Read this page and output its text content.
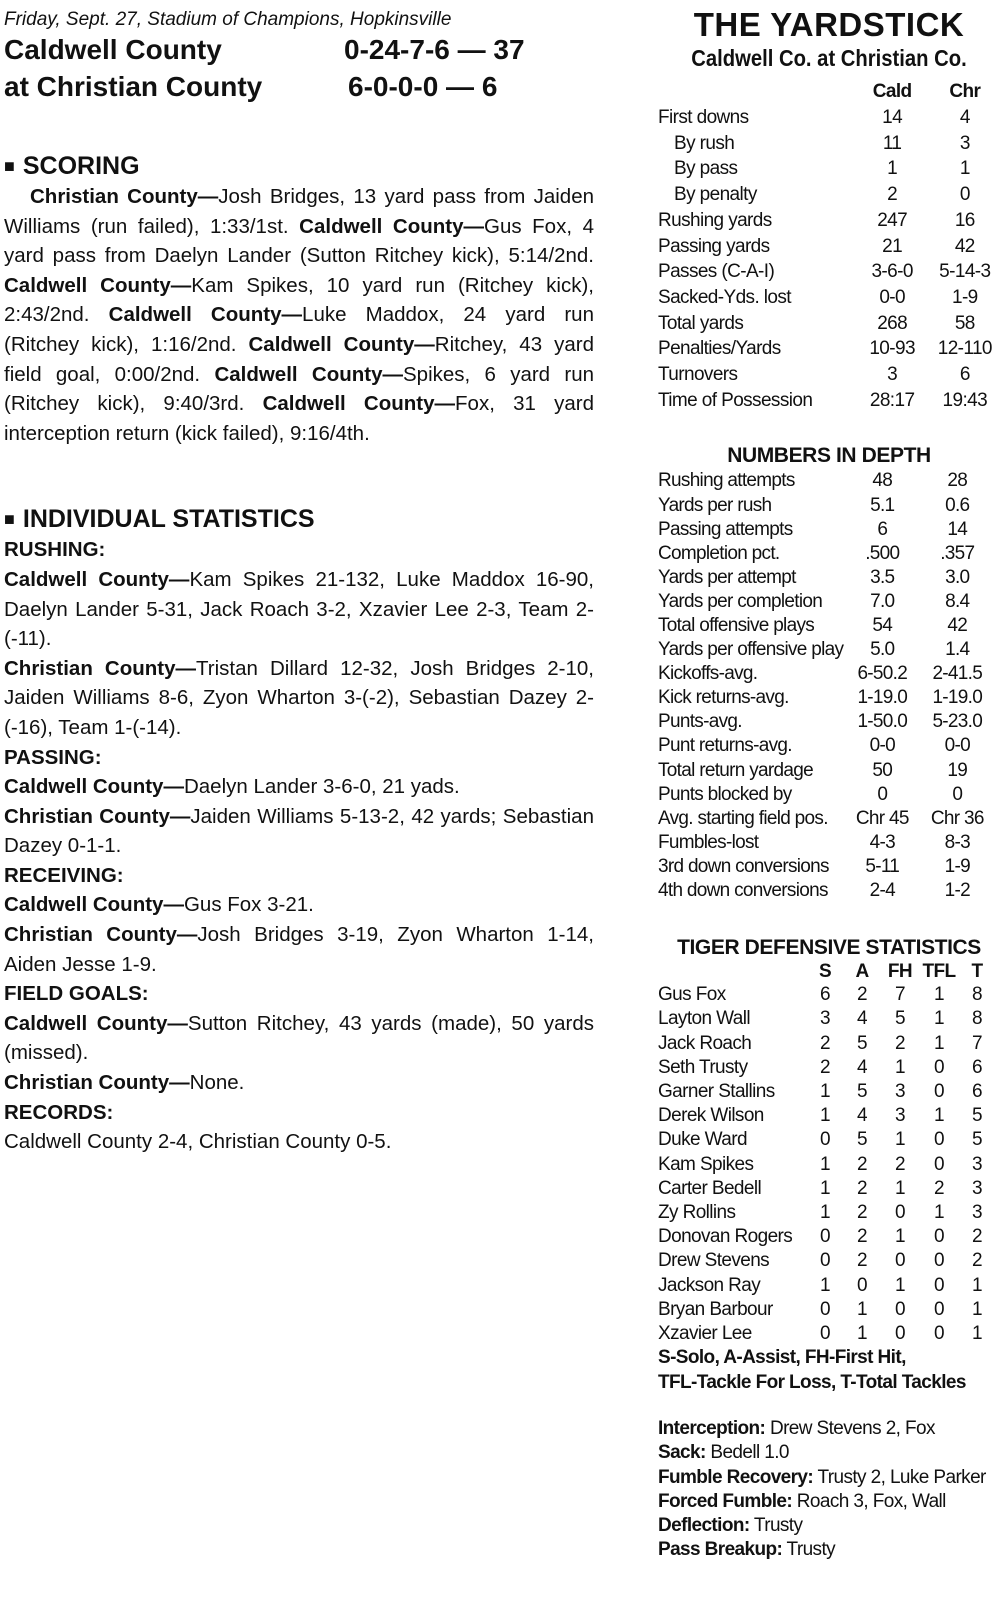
Friday, Sept. 27, Stadium of Champions, Hopkinsville
Caldwell County	0-24-7-6 — 37
at Christian County	6-0-0-0 — 6
■ SCORING
Christian County—Josh Bridges, 13 yard pass from Jaiden Williams (run failed), 1:33/1st. Caldwell County—Gus Fox, 4 yard pass from Daelyn Lander (Sutton Ritchey kick), 5:14/2nd. Caldwell County—Kam Spikes, 10 yard run (Ritchey kick), 2:43/2nd. Caldwell County—Luke Maddox, 24 yard run (Ritchey kick), 1:16/2nd. Caldwell County—Ritchey, 43 yard field goal, 0:00/2nd. Caldwell County—Spikes, 6 yard run (Ritchey kick), 9:40/3rd. Caldwell County—Fox, 31 yard interception return (kick failed), 9:16/4th.
■ INDIVIDUAL STATISTICS
RUSHING:
Caldwell County—Kam Spikes 21-132, Luke Maddox 16-90, Daelyn Lander 5-31, Jack Roach 3-2, Xzavier Lee 2-3, Team 2-(-11).
Christian County—Tristan Dillard 12-32, Josh Bridges 2-10, Jaiden Williams 8-6, Zyon Wharton 3-(-2), Sebastian Dazey 2-(-16), Team 1-(-14).
PASSING:
Caldwell County—Daelyn Lander 3-6-0, 21 yads.
Christian County—Jaiden Williams 5-13-2, 42 yards; Sebastian Dazey 0-1-1.
RECEIVING:
Caldwell County—Gus Fox 3-21.
Christian County—Josh Bridges 3-19, Zyon Wharton 1-14, Aiden Jesse 1-9.
FIELD GOALS:
Caldwell County—Sutton Ritchey, 43 yards (made), 50 yards (missed).
Christian County—None.
RECORDS:
Caldwell County 2-4, Christian County 0-5.
THE YARDSTICK
Caldwell Co. at Christian Co.
	Cald	Chr
First downs	14	4
By rush	11	3
By pass	1	1
By penalty	2	0
Rushing yards	247	16
Passing yards	21	42
Passes (C-A-I)	3-6-0	5-14-3
Sacked-Yds. lost	0-0	1-9
Total yards	268	58
Penalties/Yards	10-93	12-110
Turnovers	3	6
Time of Possession	28:17	19:43
NUMBERS IN DEPTH
Rushing attempts	48	28
Yards per rush	5.1	0.6
Passing attempts	6	14
Completion pct.	.500	.357
Yards per attempt	3.5	3.0
Yards per completion	7.0	8.4
Total offensive plays	54	42
Yards per offensive play	5.0	1.4
Kickoffs-avg.	6-50.2	2-41.5
Kick returns-avg.	1-19.0	1-19.0
Punts-avg.	1-50.0	5-23.0
Punt returns-avg.	0-0	0-0
Total return yardage	50	19
Punts blocked by	0	0
Avg. starting field pos.	Chr 45	Chr 36
Fumbles-lost	4-3	8-3
3rd down conversions	5-11	1-9
4th down conversions	2-4	1-2
TIGER DEFENSIVE STATISTICS
	S	A	FH	TFL	T
Gus Fox	6	2	7	1	8
Layton Wall	3	4	5	1	8
Jack Roach	2	5	2	1	7
Seth Trusty	2	4	1	0	6
Garner Stallins	1	5	3	0	6
Derek Wilson	1	4	3	1	5
Duke Ward	0	5	1	0	5
Kam Spikes	1	2	2	0	3
Carter Bedell	1	2	1	2	3
Zy Rollins	1	2	0	1	3
Donovan Rogers	0	2	1	0	2
Drew Stevens	0	2	0	0	2
Jackson Ray	1	0	1	0	1
Bryan Barbour	0	1	0	0	1
Xzavier Lee	0	1	0	0	1
S-Solo, A-Assist, FH-First Hit,
TFL-Tackle For Loss, T-Total Tackles
Interception: Drew Stevens 2, Fox
Sack: Bedell 1.0
Fumble Recovery: Trusty 2, Luke Parker
Forced Fumble: Roach 3, Fox, Wall
Deflection: Trusty
Pass Breakup: Trusty
